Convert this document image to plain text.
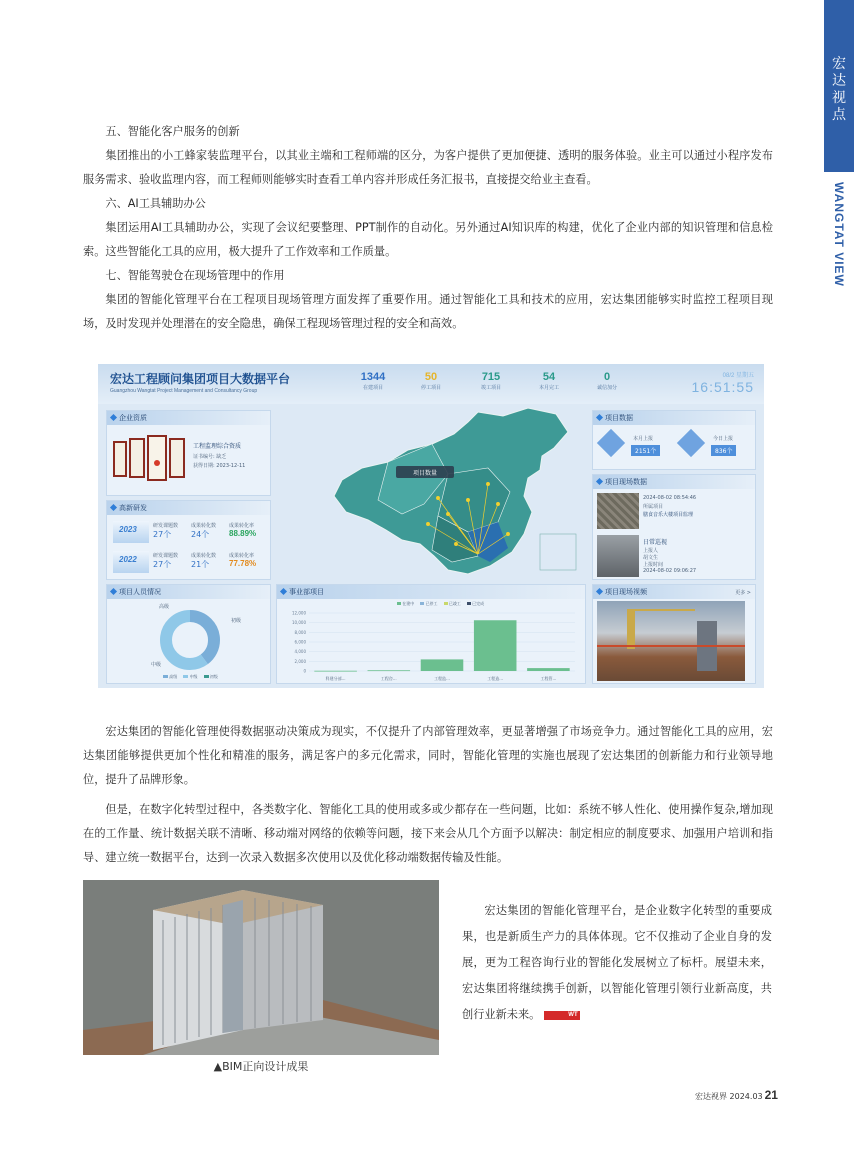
宏
达
视
点
WANGTAT VIEW
五、智能化客户服务的创新

集团推出的小工蜂家装监理平台，以其业主端和工程师端的区分，为客户提供了更加便捷、透明的服务体验。业主可以通过小程序发布服务需求、验收监理内容，而工程师则能够实时查看工单内容并形成任务汇报书，直接提交给业主查看。

六、AI工具辅助办公

集团运用AI工具辅助办公，实现了会议纪要整理、PPT制作的自动化。另外通过AI知识库的构建，优化了企业内部的知识管理和信息检索。这些智能化工具的应用，极大提升了工作效率和工作质量。

七、智能驾驶仓在现场管理中的作用

集团的智能化管理平台在工程项目现场管理方面发挥了重要作用。通过智能化工具和技术的应用，宏达集团能够实时监控工程项目现场，及时发现并处理潜在的安全隐患，确保工程现场管理过程的安全和高效。

宏达工程顾问集团项目大数据平台
Guangzhou Wangtat Project Management and Consultancy Group
1344
在建项目
50
停工项目
715
竣工项目
54
本月完工
0
诚信加分
08/2 星期五
16:51:55
企业资质
工程监理综合资质
证书编号: 缺乏
获得日期: 2023-12-11
高新研发
2023	研发课题数
27个
成果转化数
24个
成果转化率
88.89%
2022	研发课题数
27个
成果转化数
21个
成果转化率
77.78%
项目数量
项目数据
本月上报
2151个
今日上报
836个
项目现场数据
2024-08-02 08:54:46
所属项目
膳食音乐大楼项目监理
日常巡视
上报人
胡文生
上报时间
2024-08-02 09:06:27
项目人员情况
高级
初级
中级
高级	中级	初级
事业部项目
在建中	已停工	已竣工	已完成
12,000
10,000
8,000
6,000
4,000
2,000
0
科建分部...	工程咨...	工程监...	工程造...	工程管...
项目现场视频	更多 >

宏达集团的智能化管理使得数据驱动决策成为现实，不仅提升了内部管理效率，更显著增强了市场竞争力。通过智能化工具的应用，宏达集团能够提供更加个性化和精准的服务，满足客户的多元化需求，同时，智能化管理的实施也展现了宏达集团的创新能力和行业领导地位，提升了品牌形象。

但是，在数字化转型过程中，各类数字化、智能化工具的使用或多或少都存在一些问题，比如：系统不够人性化、使用操作复杂,增加现在的工作量、统计数据关联不清晰、移动端对网络的依赖等问题，接下来会从几个方面予以解决：制定相应的制度要求、加强用户培训和指导、建立统一数据平台，达到一次录入数据多次使用以及优化移动端数据传输及性能。

▲BIM正向设计成果

宏达集团的智能化管理平台，是企业数字化转型的重要成果，也是新质生产力的具体体现。它不仅推动了企业自身的发展，更为工程咨询行业的智能化发展树立了标杆。展望未来，宏达集团将继续携手创新，以智能化管理引领行业新高度，共创行业新未来。	WT

宏达视界 2024.03 21
